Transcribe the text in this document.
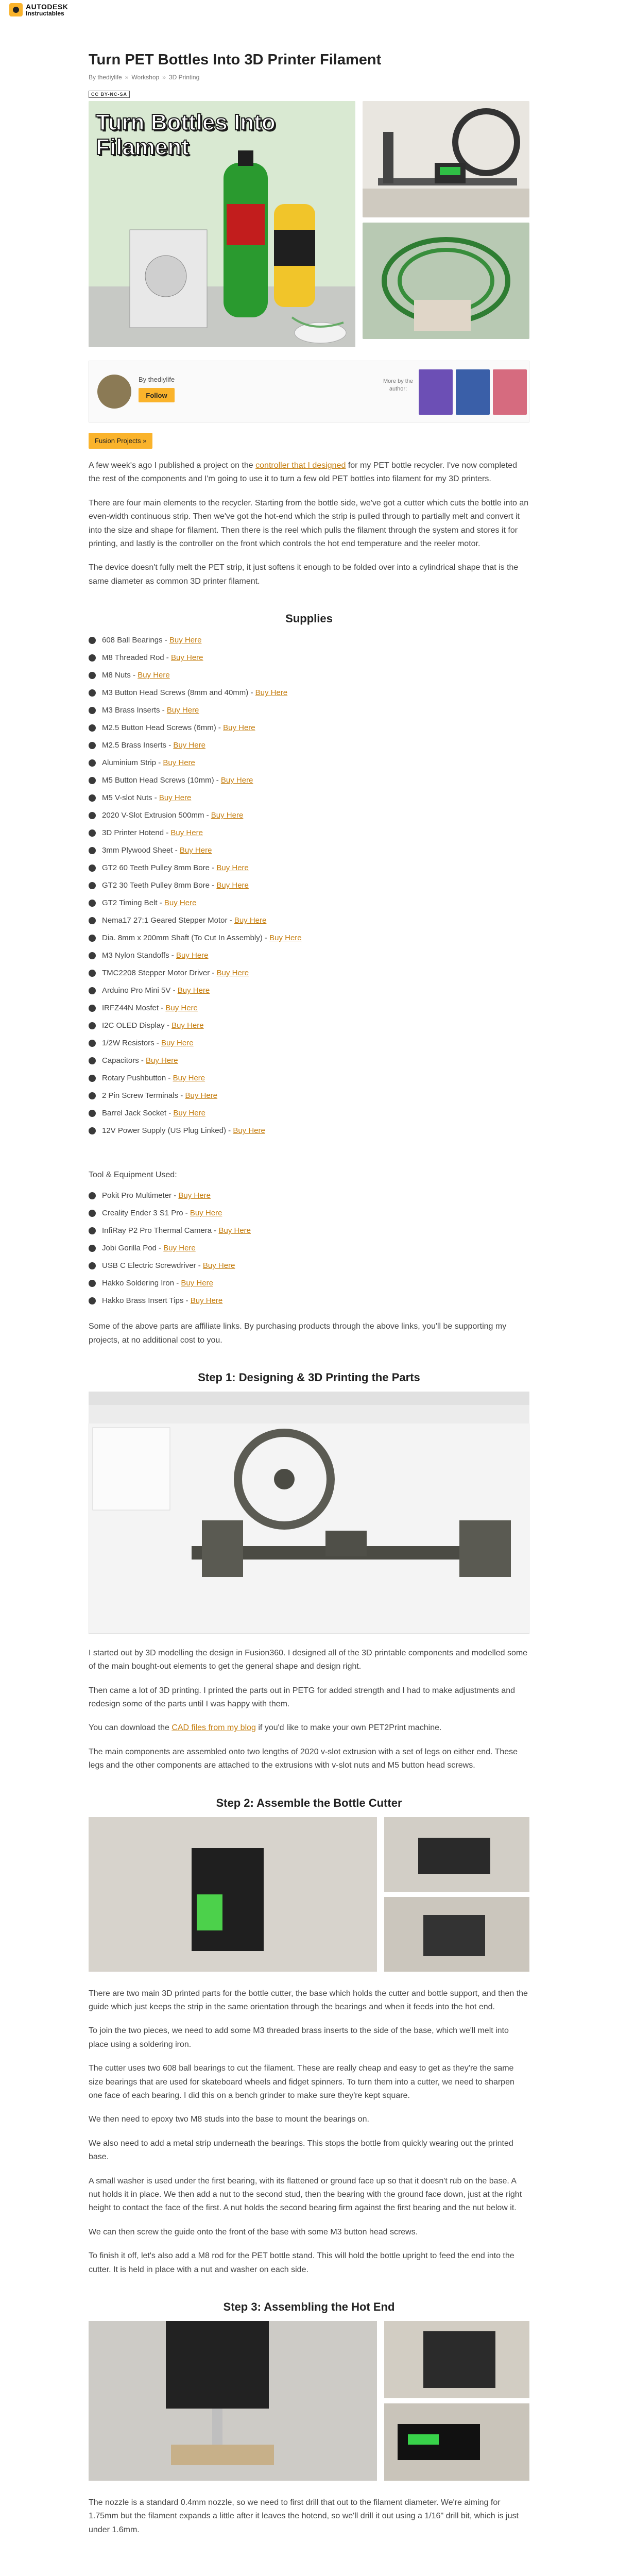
AUTODESK
Instructables
Turn PET Bottles Into 3D Printer Filament
By thediylife » Workshop » 3D Printing
CC BY-NC-SA
Turn Bottles Into Filament
By thediylife
Follow
More by the author:
Fusion Projects »

A few week's ago I published a project on the controller that I designed for my PET bottle recycler. I've now completed the rest of the components and I'm going to use it to turn a few old PET bottles into filament for my 3D printers.

There are four main elements to the recycler. Starting from the bottle side, we've got a cutter which cuts the bottle into an even-width continuous strip. Then we've got the hot-end which the strip is pulled through to partially melt and convert it into the size and shape for filament. Then there is the reel which pulls the filament through the system and stores it for printing, and lastly is the controller on the front which controls the hot end temperature and the reeler motor.

The device doesn't fully melt the PET strip, it just softens it enough to be folded over into a cylindrical shape that is the same diameter as common 3D printer filament.

Supplies
608 Ball Bearings - Buy Here
M8 Threaded Rod - Buy Here
M8 Nuts - Buy Here
M3 Button Head Screws (8mm and 40mm) - Buy Here
M3 Brass Inserts - Buy Here
M2.5 Button Head Screws (6mm) - Buy Here
M2.5 Brass Inserts - Buy Here
Aluminium Strip - Buy Here
M5 Button Head Screws (10mm) - Buy Here
M5 V-slot Nuts - Buy Here
2020 V-Slot Extrusion 500mm - Buy Here
3D Printer Hotend - Buy Here
3mm Plywood Sheet - Buy Here
GT2 60 Teeth Pulley 8mm Bore - Buy Here
GT2 30 Teeth Pulley 8mm Bore - Buy Here
GT2 Timing Belt - Buy Here
Nema17 27:1 Geared Stepper Motor - Buy Here
Dia. 8mm x 200mm Shaft (To Cut In Assembly) - Buy Here
M3 Nylon Standoffs - Buy Here
TMC2208 Stepper Motor Driver - Buy Here
Arduino Pro Mini 5V - Buy Here
IRFZ44N Mosfet - Buy Here
I2C OLED Display - Buy Here
1/2W Resistors - Buy Here
Capacitors - Buy Here
Rotary Pushbutton - Buy Here
2 Pin Screw Terminals - Buy Here
Barrel Jack Socket - Buy Here
12V Power Supply (US Plug Linked) - Buy Here
Tool & Equipment Used:
Pokit Pro Multimeter - Buy Here
Creality Ender 3 S1 Pro - Buy Here
InfiRay P2 Pro Thermal Camera - Buy Here
Jobi Gorilla Pod - Buy Here
USB C Electric Screwdriver - Buy Here
Hakko Soldering Iron - Buy Here
Hakko Brass Insert Tips - Buy Here

Some of the above parts are affiliate links. By purchasing products through the above links, you'll be supporting my projects, at no additional cost to you.

Step 1: Designing & 3D Printing the Parts

I started out by 3D modelling the design in Fusion360. I designed all of the 3D printable components and modelled some of the main bought-out elements to get the general shape and design right.

Then came a lot of 3D printing. I printed the parts out in PETG for added strength and I had to make adjustments and redesign some of the parts until I was happy with them.

You can download the CAD files from my blog if you'd like to make your own PET2Print machine.

The main components are assembled onto two lengths of 2020 v-slot extrusion with a set of legs on either end. These legs and the other components are attached to the extrusions with v-slot nuts and M5 button head screws.

Step 2: Assemble the Bottle Cutter

There are two main 3D printed parts for the bottle cutter, the base which holds the cutter and bottle support, and then the guide which just keeps the strip in the same orientation through the bearings and when it feeds into the hot end.

To join the two pieces, we need to add some M3 threaded brass inserts to the side of the base, which we'll melt into place using a soldering iron.

The cutter uses two 608 ball bearings to cut the filament. These are really cheap and easy to get as they're the same size bearings that are used for skateboard wheels and fidget spinners. To turn them into a cutter, we need to sharpen one face of each bearing. I did this on a bench grinder to make sure they're kept square.

We then need to epoxy two M8 studs into the base to mount the bearings on.

We also need to add a metal strip underneath the bearings. This stops the bottle from quickly wearing out the printed base.

A small washer is used under the first bearing, with its flattened or ground face up so that it doesn't rub on the base. A nut holds it in place. We then add a nut to the second stud, then the bearing with the ground face down, just at the right height to contact the face of the first. A nut holds the second bearing firm against the first bearing and the nut below it.

We can then screw the guide onto the front of the base with some M3 button head screws.

To finish it off, let's also add a M8 rod for the PET bottle stand. This will hold the bottle upright to feed the end into the cutter. It is held in place with a nut and washer on each side.

Step 3: Assembling the Hot End

The nozzle is a standard 0.4mm nozzle, so we need to first drill that out to the filament diameter. We're aiming for 1.75mm but the filament expands a little after it leaves the hotend, so we'll drill it out using a 1/16" drill bit, which is just under 1.6mm.
